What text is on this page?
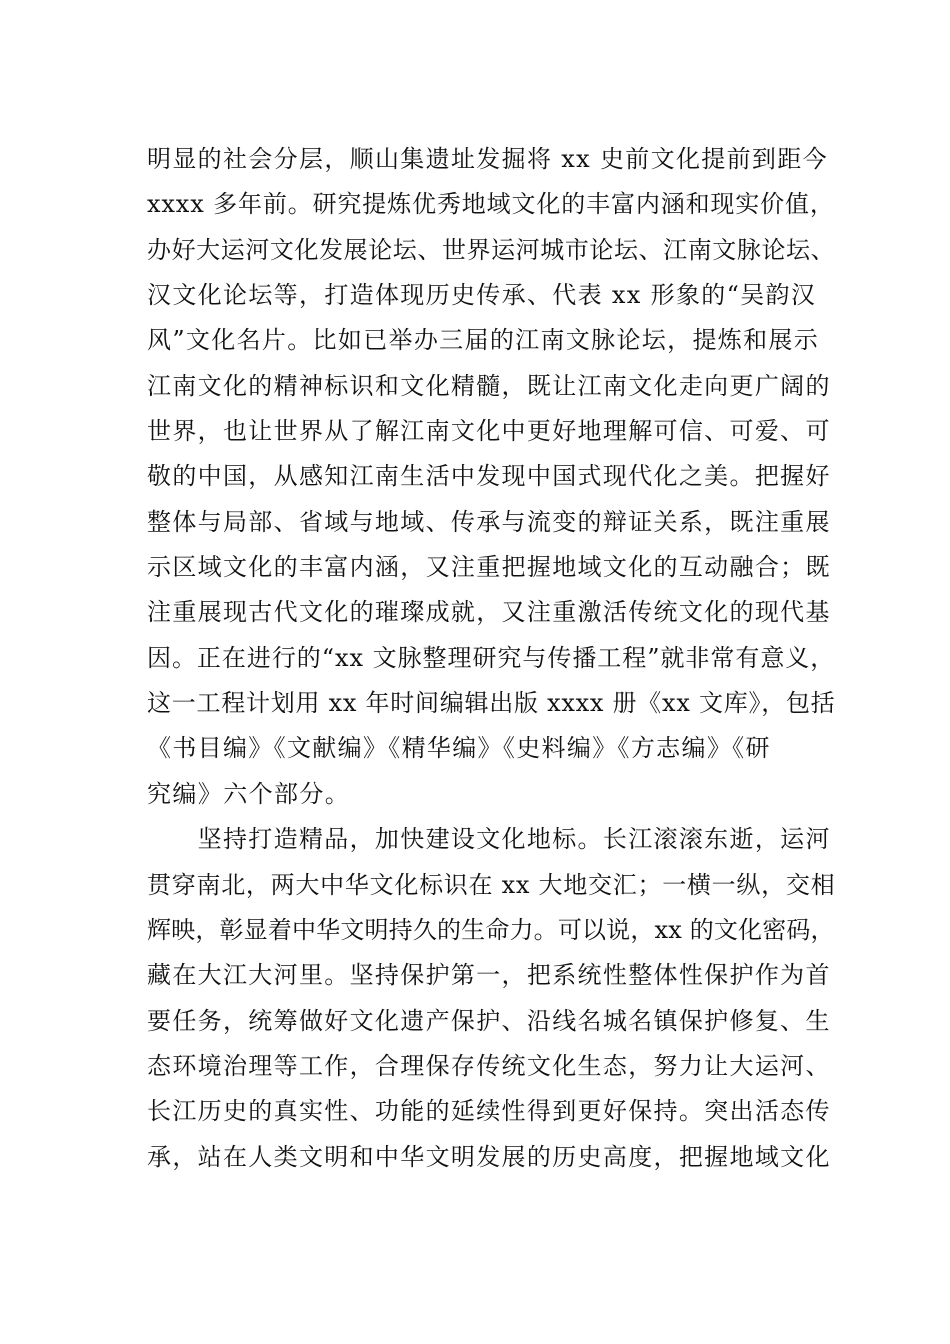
明显的社会分层，顺山集遗址发掘将 xx 史前文化提前到距今
xxxx 多年前。研究提炼优秀地域文化的丰富内涵和现实价值，
办好大运河文化发展论坛、世界运河城市论坛、江南文脉论坛、
汉文化论坛等，打造体现历史传承、代表 xx 形象的“吴韵汉
风”文化名片。比如已举办三届的江南文脉论坛，提炼和展示
江南文化的精神标识和文化精髓，既让江南文化走向更广阔的
世界，也让世界从了解江南文化中更好地理解可信、可爱、可
敬的中国，从感知江南生活中发现中国式现代化之美。把握好
整体与局部、省域与地域、传承与流变的辩证关系，既注重展
示区域文化的丰富内涵，又注重把握地域文化的互动融合；既
注重展现古代文化的璀璨成就，又注重激活传统文化的现代基
因。正在进行的“xx 文脉整理研究与传播工程”就非常有意义，
这一工程计划用 xx 年时间编辑出版 xxxx 册《xx 文库》，包括
《书目编》《文献编》《精华编》《史料编》《方志编》《研
究编》六个部分。
　　坚持打造精品，加快建设文化地标。长江滚滚东逝，运河
贯穿南北，两大中华文化标识在 xx 大地交汇；一横一纵，交相
辉映，彰显着中华文明持久的生命力。可以说，xx 的文化密码，
藏在大江大河里。坚持保护第一，把系统性整体性保护作为首
要任务，统筹做好文化遗产保护、沿线名城名镇保护修复、生
态环境治理等工作，合理保存传统文化生态，努力让大运河、
长江历史的真实性、功能的延续性得到更好保持。突出活态传
承，站在人类文明和中华文明发展的历史高度，把握地域文化
